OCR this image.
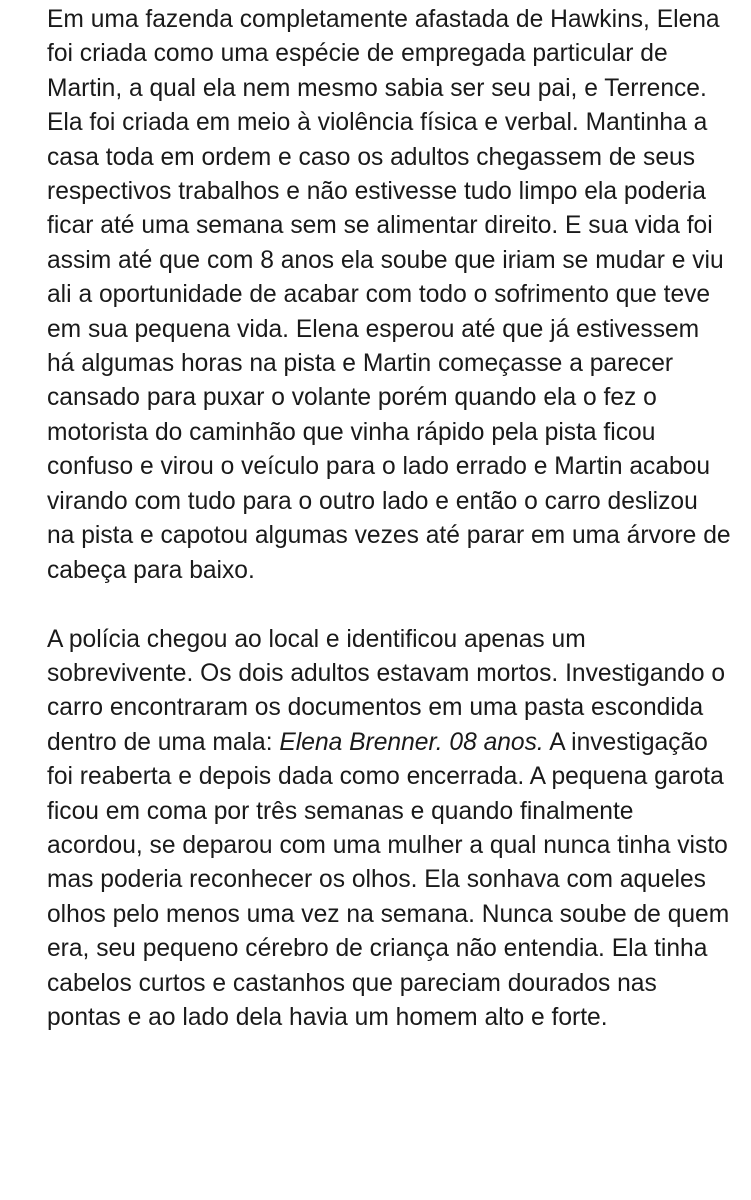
Em uma fazenda completamente afastada de Hawkins, Elena foi criada como uma espécie de empregada particular de Martin, a qual ela nem mesmo sabia ser seu pai, e Terrence. Ela foi criada em meio à violência física e verbal. Mantinha a casa toda em ordem e caso os adultos chegassem de seus respectivos trabalhos e não estivesse tudo limpo ela poderia ficar até uma semana sem se alimentar direito. E sua vida foi assim até que com 8 anos ela soube que iriam se mudar e viu ali a oportunidade de acabar com todo o sofrimento que teve em sua pequena vida. Elena esperou até que já estivessem há algumas horas na pista e Martin começasse a parecer cansado para puxar o volante porém quando ela o fez o motorista do caminhão que vinha rápido pela pista ficou confuso e virou o veículo para o lado errado e Martin acabou virando com tudo para o outro lado e então o carro deslizou na pista e capotou algumas vezes até parar em uma árvore de cabeça para baixo.

A polícia chegou ao local e identificou apenas um sobrevivente. Os dois adultos estavam mortos. Investigando o carro encontraram os documentos em uma pasta escondida dentro de uma mala: Elena Brenner. 08 anos. A investigação foi reaberta e depois dada como encerrada. A pequena garota ficou em coma por três semanas e quando finalmente acordou, se deparou com uma mulher a qual nunca tinha visto mas poderia reconhecer os olhos. Ela sonhava com aqueles olhos pelo menos uma vez na semana. Nunca soube de quem era, seu pequeno cérebro de criança não entendia. Ela tinha cabelos curtos e castanhos que pareciam dourados nas pontas e ao lado dela havia um homem alto e forte.
